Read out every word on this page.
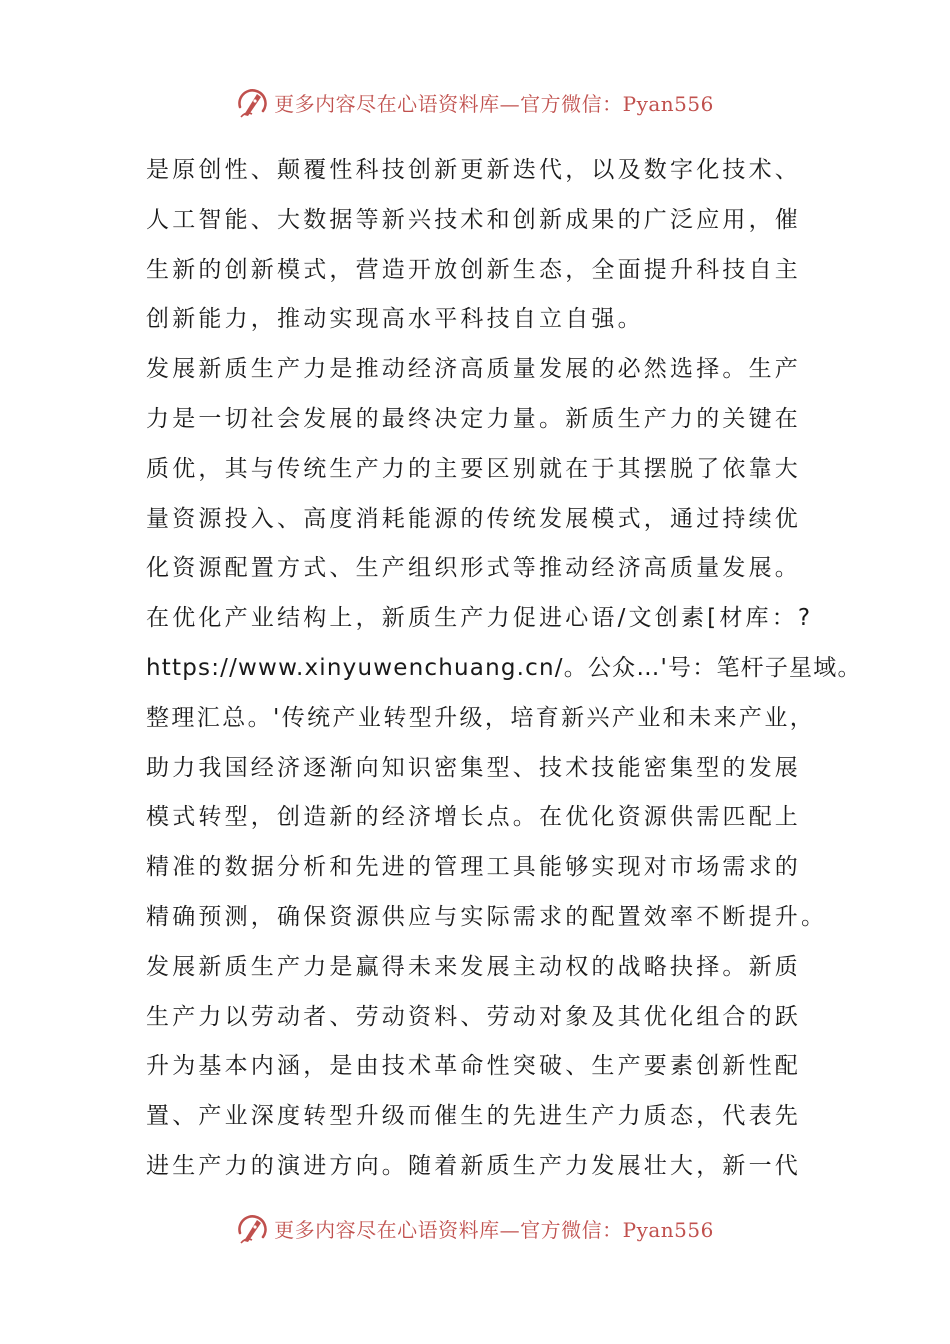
更多内容尽在心语资料库—官方微信：Pyan556
是原创性、颠覆性科技创新更新迭代，以及数字化技术、
人工智能、大数据等新兴技术和创新成果的广泛应用，催
生新的创新模式，营造开放创新生态，全面提升科技自主
创新能力，推动实现高水平科技自立自强。
发展新质生产力是推动经济高质量发展的必然选择。生产
力是一切社会发展的最终决定力量。新质生产力的关键在
质优，其与传统生产力的主要区别就在于其摆脱了依靠大
量资源投入、高度消耗能源的传统发展模式，通过持续优
化资源配置方式、生产组织形式等推动经济高质量发展。
在优化产业结构上，新质生产力促进心语/文创素[材库：?
https://www.xinyuwenchuang.cn/。公众…'号：笔杆子星域。
整理汇总。'传统产业转型升级，培育新兴产业和未来产业，
助力我国经济逐渐向知识密集型、技术技能密集型的发展
模式转型，创造新的经济增长点。在优化资源供需匹配上
精准的数据分析和先进的管理工具能够实现对市场需求的
精确预测，确保资源供应与实际需求的配置效率不断提升。
发展新质生产力是赢得未来发展主动权的战略抉择。新质
生产力以劳动者、劳动资料、劳动对象及其优化组合的跃
升为基本内涵，是由技术革命性突破、生产要素创新性配
置、产业深度转型升级而催生的先进生产力质态，代表先
进生产力的演进方向。随着新质生产力发展壮大，新一代
更多内容尽在心语资料库—官方微信：Pyan556
